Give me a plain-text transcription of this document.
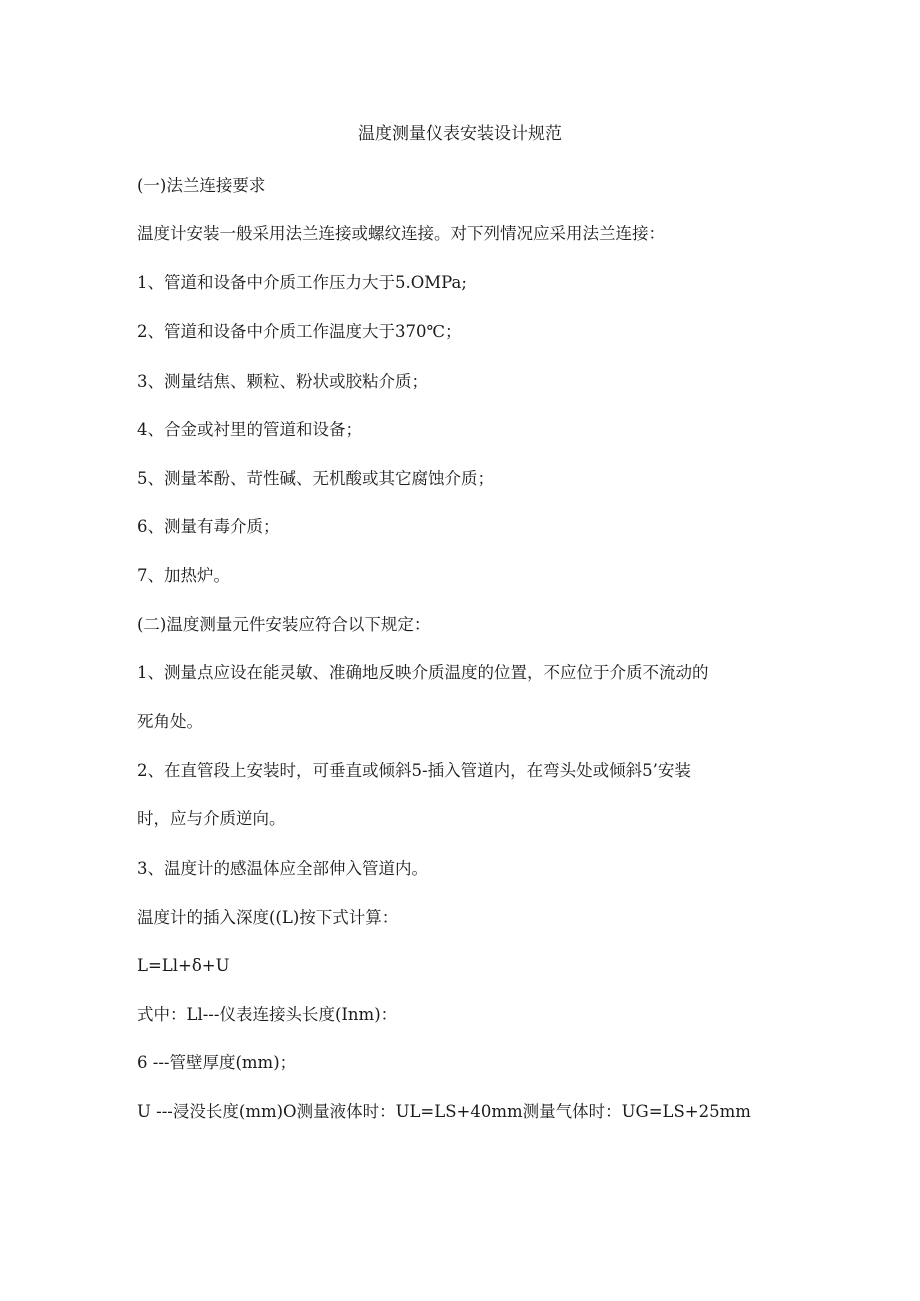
温度测量仪表安装设计规范
(一)法兰连接要求
温度计安装一般采用法兰连接或螺纹连接。对下列情况应采用法兰连接：
1、管道和设备中介质工作压力大于5.OMPa;
2、管道和设备中介质工作温度大于370℃；
3、测量结焦、颗粒、粉状或胶粘介质；
4、合金或衬里的管道和设备；
5、测量苯酚、苛性碱、无机酸或其它腐蚀介质；
6、测量有毒介质；
7、加热炉。
(二)温度测量元件安装应符合以下规定：
1、测量点应设在能灵敏、准确地反映介质温度的位置，不应位于介质不流动的
死角处。
2、在直管段上安装时，可垂直或倾斜5-插入管道内，在弯头处或倾斜5’安装
时，应与介质逆向。
3、温度计的感温体应全部伸入管道内。
温度计的插入深度((L)按下式计算：
L=Ll+δ+U
式中：Ll---仪表连接头长度(Inm)：
6 ---管壁厚度(mm)；
U ---浸没长度(mm)O测量液体时：UL=LS+40mm测量气体时：UG=LS+25mm
